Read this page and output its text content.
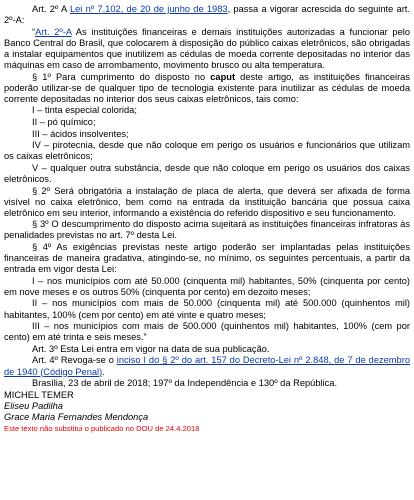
Art. 2º A Lei nº 7.102, de 20 de junho de 1983, passa a vigorar acrescida do seguinte art. 2º-A:

“Art. 2º-A As instituições financeiras e demais instituições autorizadas a funcionar pelo Banco Central do Brasil, que colocarem à disposição do público caixas eletrônicos, são obrigadas a instalar equipamentos que inutilizem as cédulas de moeda corrente depositadas no interior das máquinas em caso de arrombamento, movimento brusco ou alta temperatura.

§ 1º Para cumprimento do disposto no caput deste artigo, as instituições financeiras poderão utilizar-se de qualquer tipo de tecnologia existente para inutilizar as cédulas de moeda corrente depositadas no interior dos seus caixas eletrônicos, tais como:

I – tinta especial colorida;

II – pó químico;

III – ácidos insolventes;

IV – pirotecnia, desde que não coloque em perigo os usuários e funcionários que utilizam os caixas eletrônicos;

V – qualquer outra substância, desde que não coloque em perigo os usuários dos caixas eletrônicos.

§ 2º Será obrigatória a instalação de placa de alerta, que deverá ser afixada de forma visível no caixa eletrônico, bem como na entrada da instituição bancária que possua caixa eletrônico em seu interior, informando a existência do referido dispositivo e seu funcionamento.

§ 3º O descumprimento do disposto acima sujeitará as instituições financeiras infratoras às penalidades previstas no art. 7º desta Lei.

§ 4º As exigências previstas neste artigo poderão ser implantadas pelas instituições financeiras de maneira gradativa, atingindo-se, no mínimo, os seguintes percentuais, a partir da entrada em vigor desta Lei:

I – nos municípios com até 50.000 (cinquenta mil) habitantes, 50% (cinquenta por cento) em nove meses e os outros 50% (cinquenta por cento) em dezoito meses;

II – nos municípios com mais de 50.000 (cinquenta mil) até 500.000 (quinhentos mil) habitantes, 100% (cem por cento) em até vinte e quatro meses;

III – nos municípios com mais de 500.000 (quinhentos mil) habitantes, 100% (cem por cento) em até trinta e seis meses.”

Art. 3º Esta Lei entra em vigor na data de sua publicação.

Art. 4º Revoga-se o inciso I do § 2º do art. 157 do Decreto-Lei nº 2.848, de 7 de dezembro de 1940 (Código Penal).

Brasília, 23 de abril de 2018; 197º da Independência e 130º da República.

MICHEL TEMER

Eliseu Padilha

Grace Maria Fernandes Mendonça

Este texto não substitui o publicado no DOU de 24.4.2018
